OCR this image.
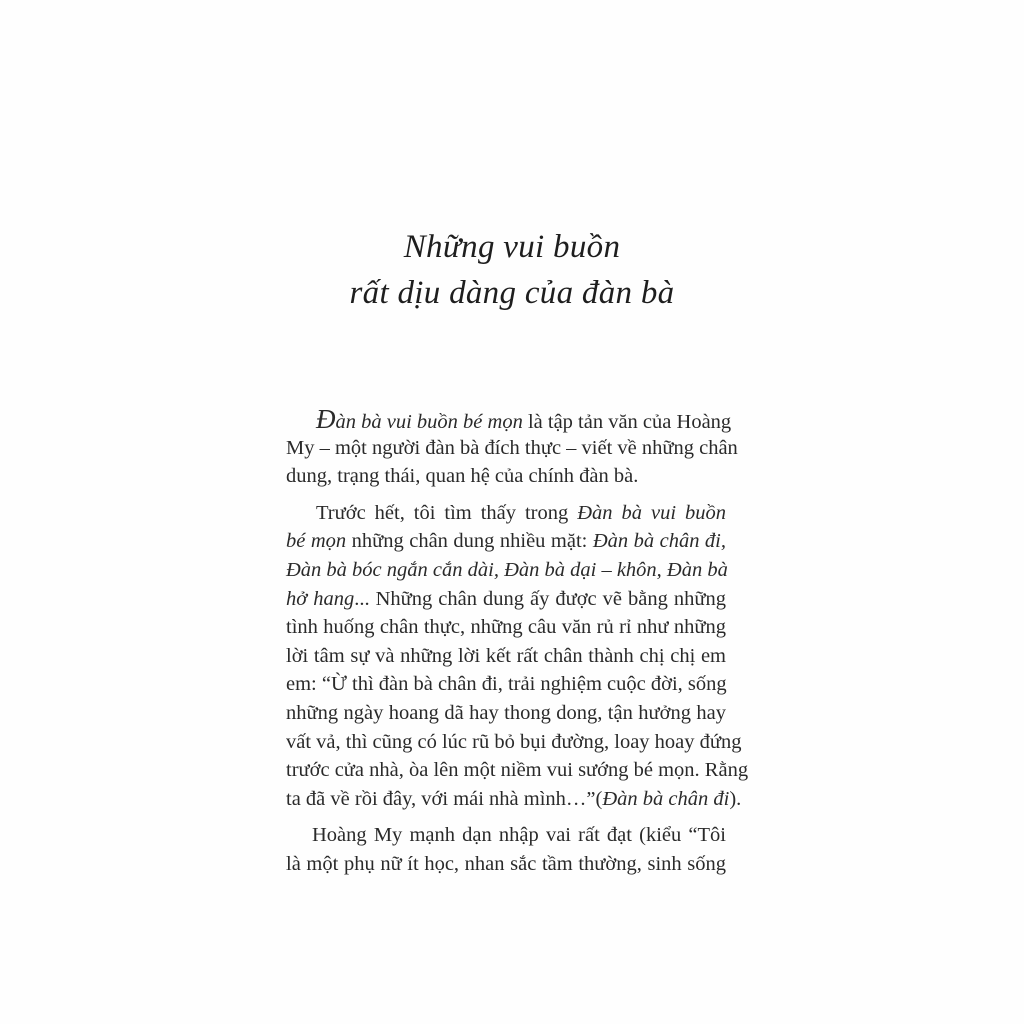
Những vui buồn
rất dịu dàng của đàn bà
Đàn bà vui buồn bé mọn là tập tản văn của Hoàng
My – một người đàn bà đích thực – viết về những chân
dung, trạng thái, quan hệ của chính đàn bà.
Trước hết, tôi tìm thấy trong Đàn bà vui buồn
bé mọn những chân dung nhiều mặt: Đàn bà chân đi,
Đàn bà bóc ngắn cắn dài, Đàn bà dại – khôn, Đàn bà
hở hang... Những chân dung ấy được vẽ bằng những
tình huống chân thực, những câu văn rủ rỉ như những
lời tâm sự và những lời kết rất chân thành chị chị em
em: “Ừ thì đàn bà chân đi, trải nghiệm cuộc đời, sống
những ngày hoang dã hay thong dong, tận hưởng hay
vất vả, thì cũng có lúc rũ bỏ bụi đường, loay hoay đứng
trước cửa nhà, òa lên một niềm vui sướng bé mọn. Rằng
ta đã về rồi đây, với mái nhà mình…”(Đàn bà chân đi).
Hoàng My mạnh dạn nhập vai rất đạt (kiểu “Tôi
là một phụ nữ ít học, nhan sắc tầm thường, sinh sống
